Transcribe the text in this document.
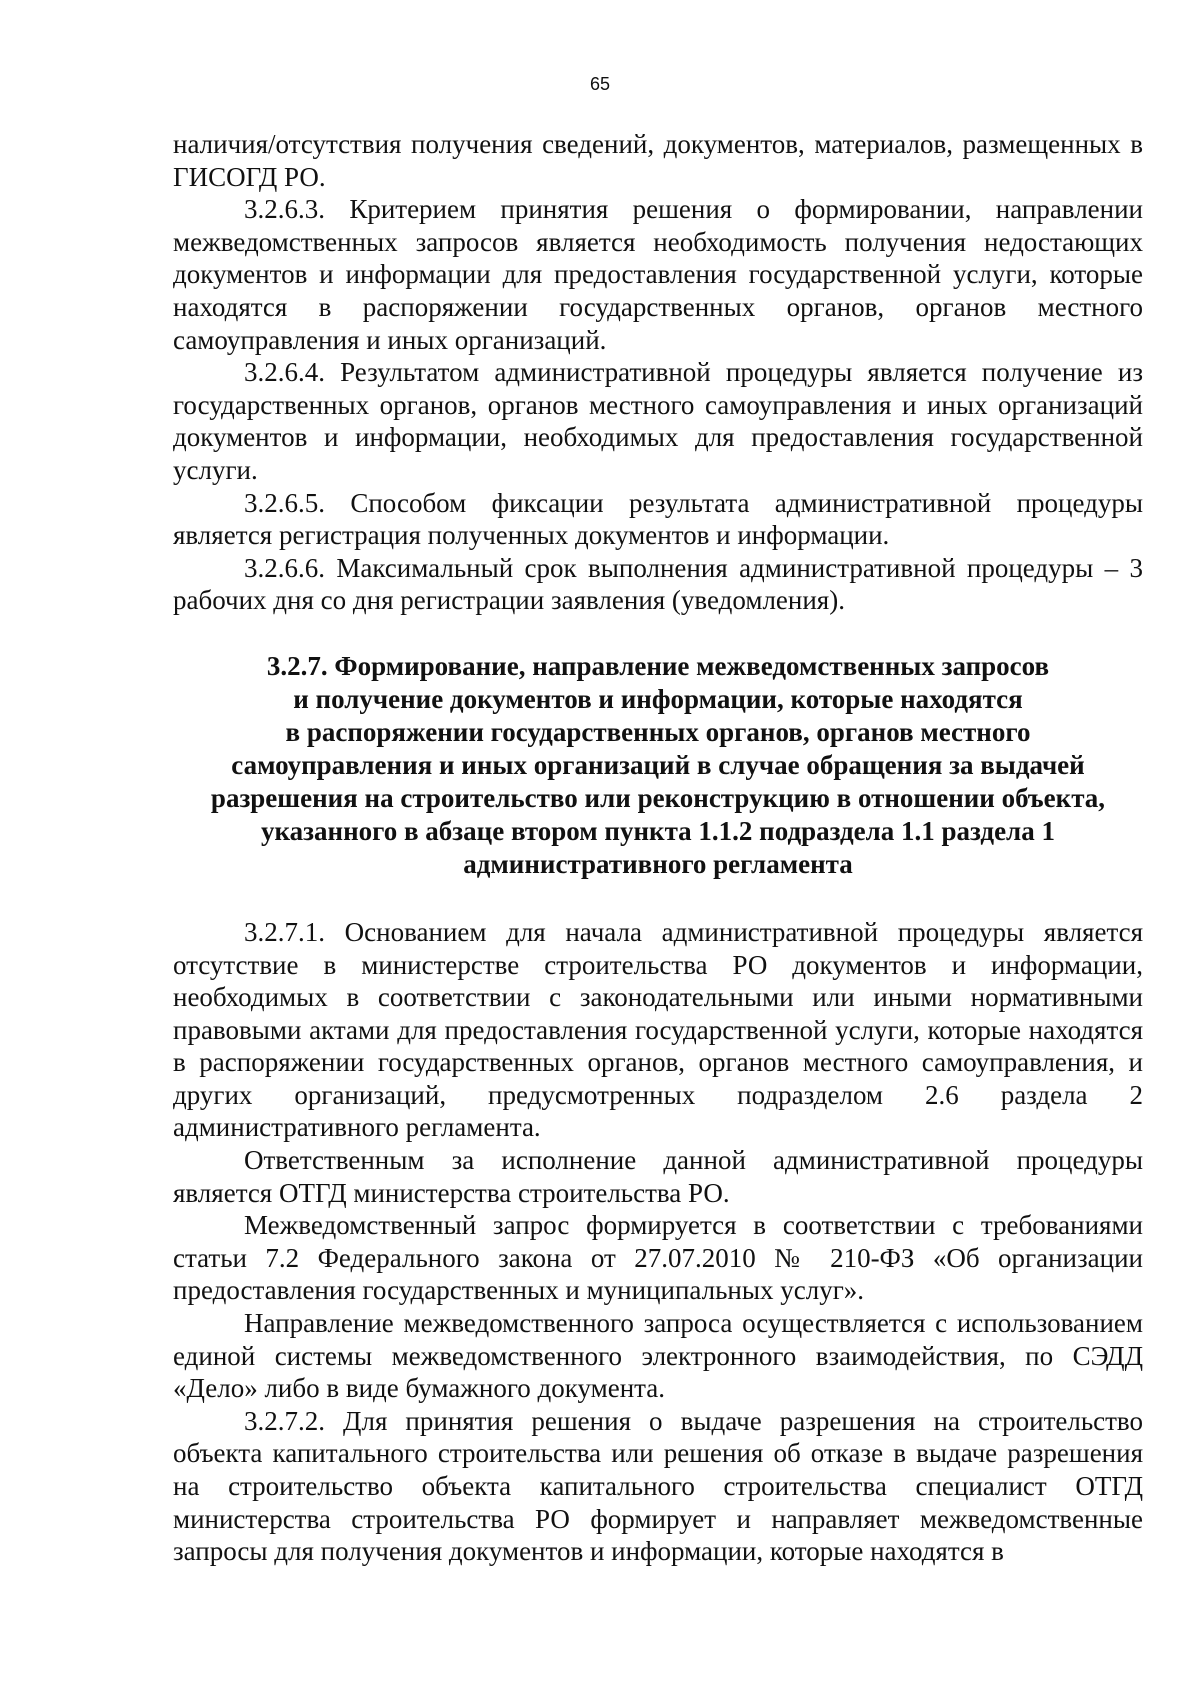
65

наличия/отсутствия получения сведений, документов, материалов, размещенных в ГИСОГД РО.

3.2.6.3. Критерием принятия решения о формировании, направлении межведомственных запросов является необходимость получения недостающих документов и информации для предоставления государственной услуги, которые находятся в распоряжении государственных органов, органов местного самоуправления и иных организаций.

3.2.6.4. Результатом административной процедуры является получение из государственных органов, органов местного самоуправления и иных организаций документов и информации, необходимых для предоставления государственной услуги.

3.2.6.5. Способом фиксации результата административной процедуры является регистрация полученных документов и информации.

3.2.6.6. Максимальный срок выполнения административной процедуры – 3 рабочих дня со дня регистрации заявления (уведомления).

3.2.7. Формирование, направление межведомственных запросов
и получение документов и информации, которые находятся
в распоряжении государственных органов, органов местного
самоуправления и иных организаций в случае обращения за выдачей
разрешения на строительство или реконструкцию в отношении объекта,
указанного в абзаце втором пункта 1.1.2 подраздела 1.1 раздела 1
административного регламента

3.2.7.1. Основанием для начала административной процедуры является отсутствие в министерстве строительства РО документов и информации, необходимых в соответствии с законодательными или иными нормативными правовыми актами для предоставления государственной услуги, которые находятся в распоряжении государственных органов, органов местного самоуправления, и других организаций, предусмотренных подразделом 2.6 раздела 2 административного регламента.

Ответственным за исполнение данной административной процедуры является ОТГД министерства строительства РО.

Межведомственный запрос формируется в соответствии с требованиями статьи 7.2 Федерального закона от 27.07.2010 № 210-ФЗ «Об организации предоставления государственных и муниципальных услуг».

Направление межведомственного запроса осуществляется с использованием единой системы межведомственного электронного взаимодействия, по СЭДД «Дело» либо в виде бумажного документа.

3.2.7.2. Для принятия решения о выдаче разрешения на строительство объекта капитального строительства или решения об отказе в выдаче разрешения на строительство объекта капитального строительства специалист ОТГД министерства строительства РО формирует и направляет межведомственные запросы для получения документов и информации, которые находятся в
